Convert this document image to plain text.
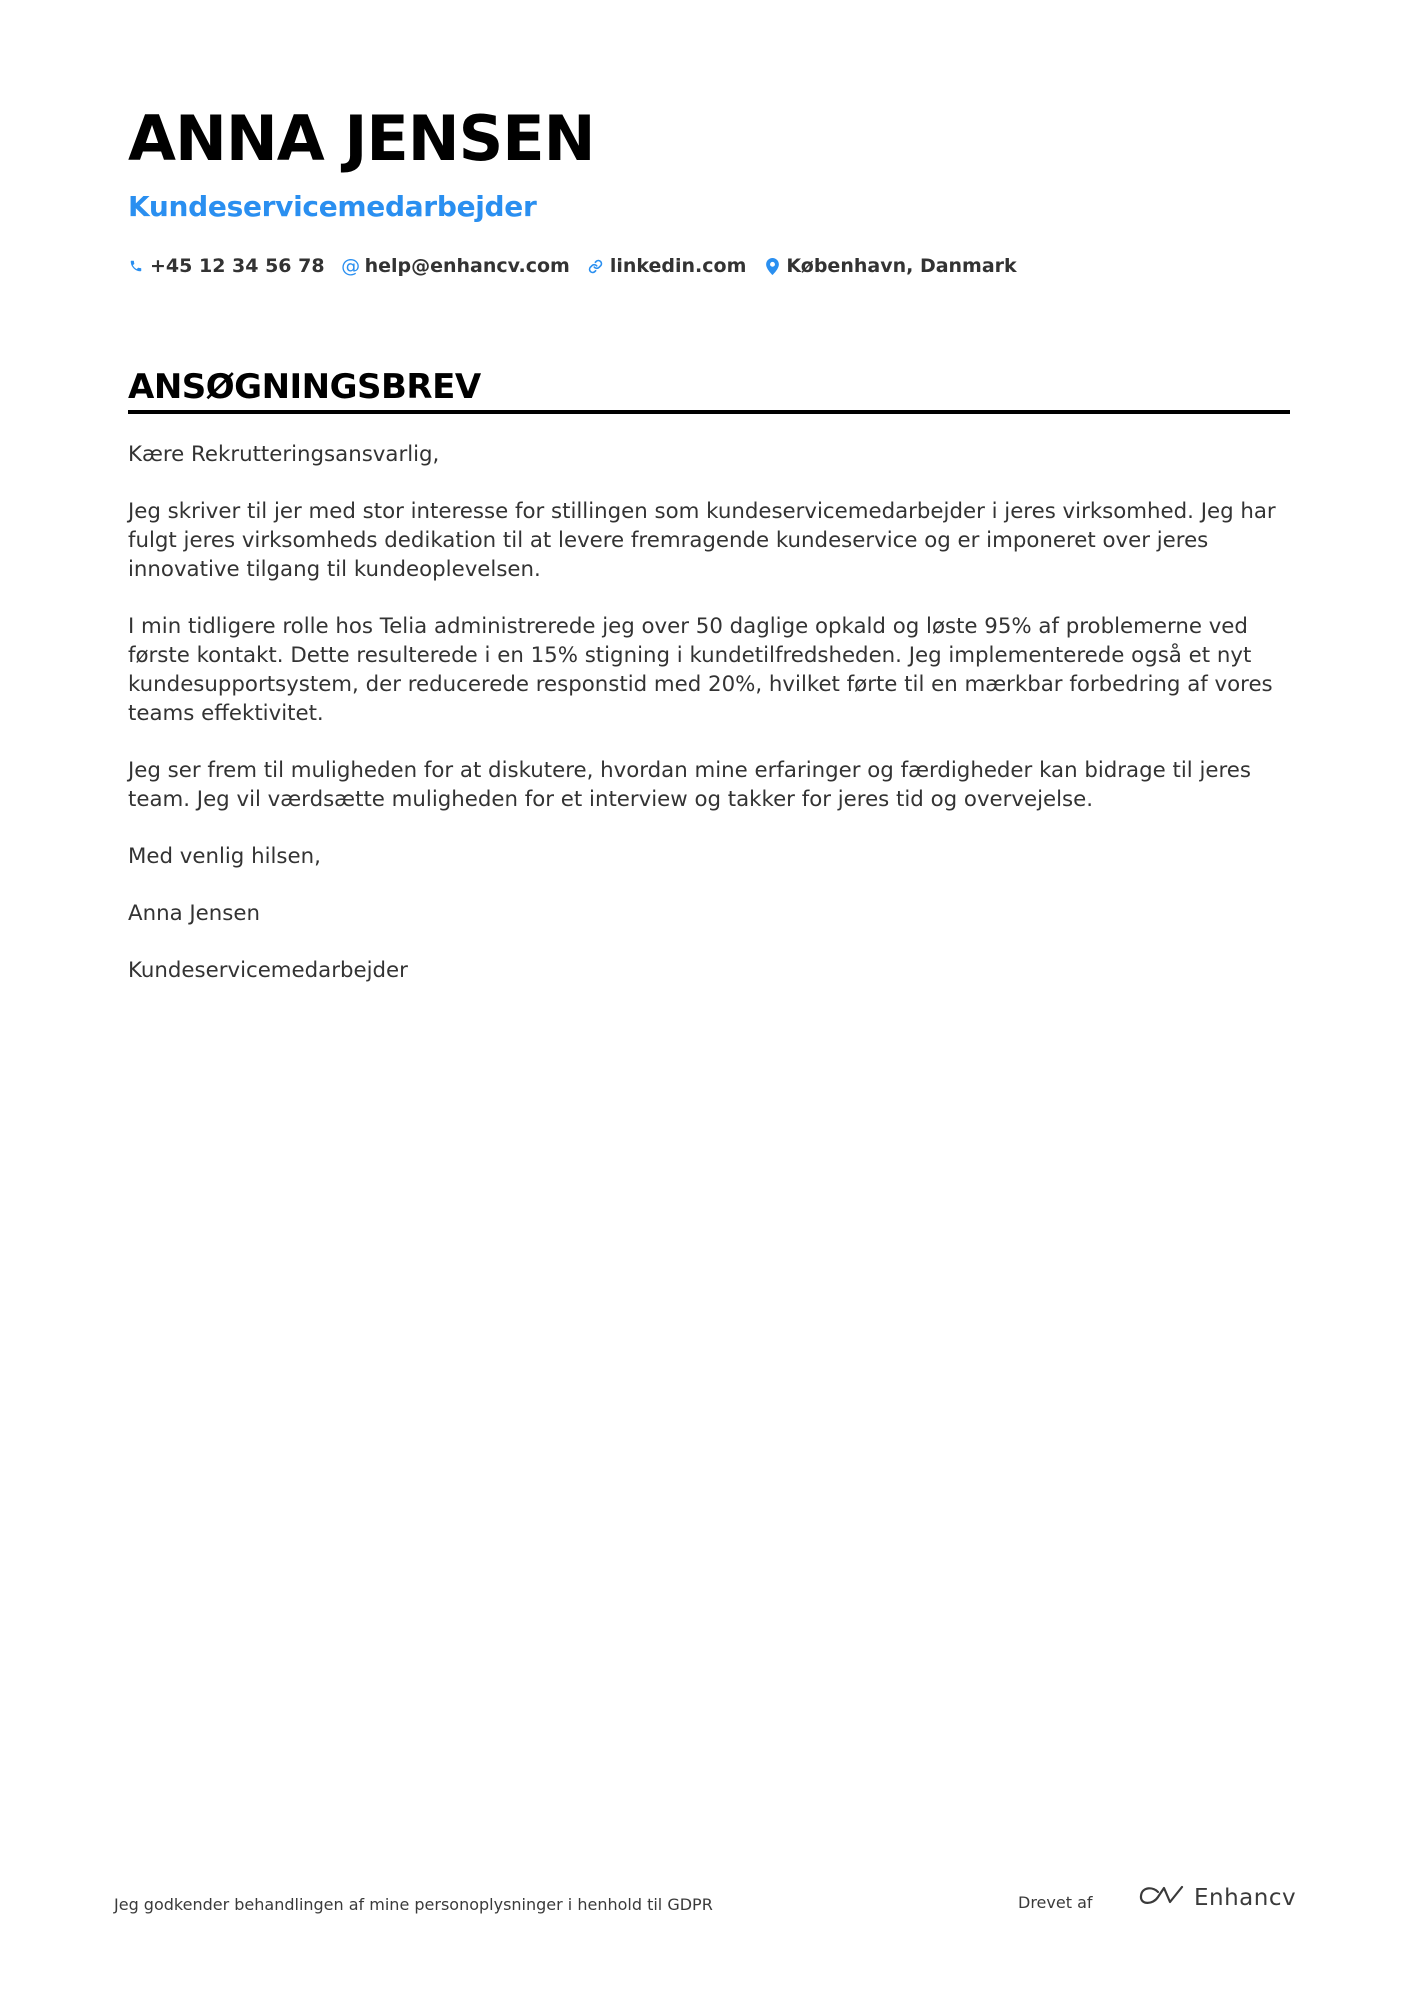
ANNA JENSEN
Kundeservicemedarbejder
+45 12 34 56 78 @ help@enhancv.com linkedin.com København, Danmark
ANSØGNINGSBREV

Kære Rekrutteringsansvarlig,

Jeg skriver til jer med stor interesse for stillingen som kundeservicemedarbejder i jeres virksomhed. Jeg har fulgt jeres virksomheds dedikation til at levere fremragende kundeservice og er imponeret over jeres innovative tilgang til kundeoplevelsen.

I min tidligere rolle hos Telia administrerede jeg over 50 daglige opkald og løste 95% af problemerne ved første kontakt. Dette resulterede i en 15% stigning i kundetilfredsheden. Jeg implementerede også et nyt kundesupportsystem, der reducerede responstid med 20%, hvilket førte til en mærkbar forbedring af vores teams effektivitet.

Jeg ser frem til muligheden for at diskutere, hvordan mine erfaringer og færdigheder kan bidrage til jeres team. Jeg vil værdsætte muligheden for et interview og takker for jeres tid og overvejelse.

Med venlig hilsen,

Anna Jensen

Kundeservicemedarbejder

Jeg godkender behandlingen af mine personoplysninger i henhold til GDPR	Drevet af	Enhancv
